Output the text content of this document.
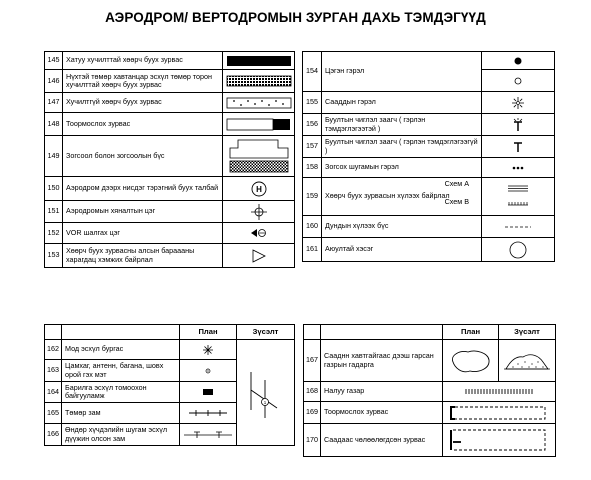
АЭРОДРОМ/ ВЕРТОДРОМЫН ЗУРГАН ДАХЬ ТЭМДЭГҮҮД
145	Хатуу хучилттай хөөрч буух зурвас	

146	Нүхтэй төмөр хавтанцар эсхүл төмөр торон хучилттай хөөрч буух зурвас	

147	Хучилтгүй хөөрч буух зурвас	

148	Тоормослох зурвас	

149	Зогсоол болон зогсоолын бүс	

150	Аэродром дээрх нисдэг тэрэгний буух талбай	H

151	Аэродромын хяналтын цэг	

152	VOR шалгах цэг	

153	Хөөрч буух зурвасны алсын бараааны харагдац хэмжих байрлал	
154	Цэгэн гэрэл	

155	Сааддын гэрэл	

156	Буултын чиглэл заагч ( гэрлэн тэмдэглэгээтэй )	

157	Буултын чиглэл заагч ( гэрлэн тэмдэглэгээгүй )	

158	Зогсох шугамын гэрэл	

159	Хөөрч буух зурвасын хүлээх байрлал
Схем А
Схем В

160	Дундын хүлээх бүс	

161	Аюултай хэсэг	
		План	Зүсэлт
162	Мод эсхүл бургас		1

163	Цамхаг, антенн, багана, шовх орой гэх мэт	

164	Барилга эсхүл томоохон байгууламж	

165	Төмөр зам	

166	Өндөр хүчдэлийн шугам эсхүл дүүжин олсон зам	
		План	Зүсэлт
167	Сааднн хавтгайгаас дээш гарсан газрын гадарга	

168	Налуу газар	

169	Тоормослох зурвас	

170	Саадаас чөлөөлөгдсөн зурвас	
